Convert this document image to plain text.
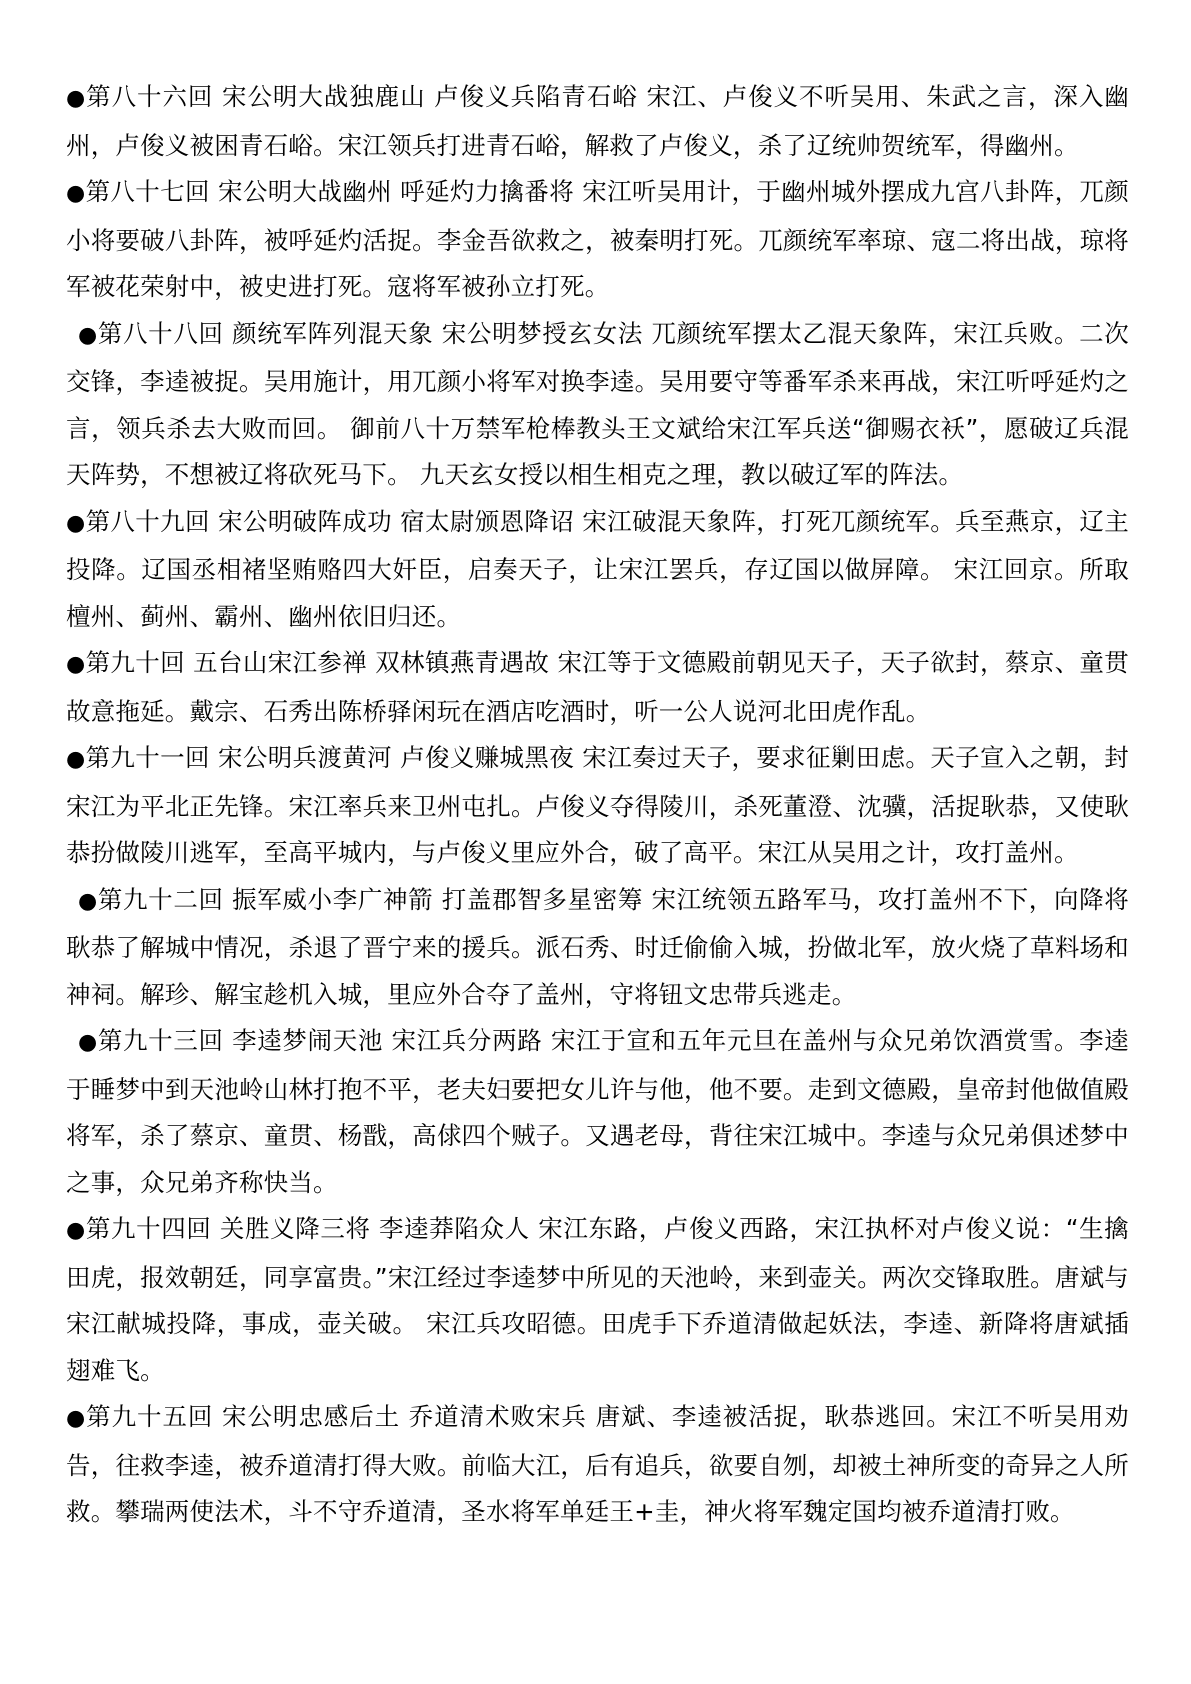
●第八十六回 宋公明大战独鹿山 卢俊义兵陷青石峪 宋江、卢俊义不听吴用、朱武之言，深入幽州，卢俊义被困青石峪。宋江领兵打进青石峪，解救了卢俊义，杀了辽统帅贺统军，得幽州。

●第八十七回 宋公明大战幽州 呼延灼力擒番将 宋江听吴用计，于幽州城外摆成九宫八卦阵，兀颜小将要破八卦阵，被呼延灼活捉。李金吾欲救之，被秦明打死。兀颜统军率琼、寇二将出战，琼将军被花荣射中，被史进打死。寇将军被孙立打死。

●第八十八回 颜统军阵列混天象 宋公明梦授玄女法 兀颜统军摆太乙混天象阵，宋江兵败。二次交锋，李逵被捉。吴用施计，用兀颜小将军对换李逵。吴用要守等番军杀来再战，宋江听呼延灼之言，领兵杀去大败而回。 御前八十万禁军枪棒教头王文斌给宋江军兵送“御赐衣袄”，愿破辽兵混天阵势，不想被辽将砍死马下。 九天玄女授以相生相克之理，教以破辽军的阵法。

●第八十九回 宋公明破阵成功 宿太尉颁恩降诏 宋江破混天象阵，打死兀颜统军。兵至燕京，辽主投降。辽国丞相褚坚贿赂四大奸臣，启奏天子，让宋江罢兵，存辽国以做屏障。 宋江回京。所取檀州、蓟州、霸州、幽州依旧归还。

●第九十回 五台山宋江参禅 双林镇燕青遇故 宋江等于文德殿前朝见天子，天子欲封，蔡京、童贯故意拖延。戴宗、石秀出陈桥驿闲玩在酒店吃酒时，听一公人说河北田虎作乱。

●第九十一回 宋公明兵渡黄河 卢俊义赚城黑夜 宋江奏过天子，要求征剿田虑。天子宣入之朝，封宋江为平北正先锋。宋江率兵来卫州屯扎。卢俊义夺得陵川，杀死董澄、沈骥，活捉耿恭，又使耿恭扮做陵川逃军，至高平城内，与卢俊义里应外合，破了高平。宋江从吴用之计，攻打盖州。

●第九十二回 振军威小李广神箭 打盖郡智多星密筹 宋江统领五路军马，攻打盖州不下，向降将耿恭了解城中情况，杀退了晋宁来的援兵。派石秀、时迁偷偷入城，扮做北军，放火烧了草料场和神祠。解珍、解宝趁机入城，里应外合夺了盖州，守将钮文忠带兵逃走。

●第九十三回 李逵梦闹天池 宋江兵分两路 宋江于宣和五年元旦在盖州与众兄弟饮酒赏雪。李逵于睡梦中到天池岭山林打抱不平，老夫妇要把女儿许与他，他不要。走到文德殿，皇帝封他做值殿将军，杀了蔡京、童贯、杨戬，高俅四个贼子。又遇老母，背往宋江城中。李逵与众兄弟俱述梦中之事，众兄弟齐称快当。

●第九十四回 关胜义降三将 李逵莽陷众人 宋江东路，卢俊义西路，宋江执杯对卢俊义说：“生擒田虎，报效朝廷，同享富贵。”宋江经过李逵梦中所见的天池岭，来到壶关。两次交锋取胜。唐斌与宋江献城投降，事成，壶关破。 宋江兵攻昭德。田虎手下乔道清做起妖法，李逵、新降将唐斌插翅难飞。

●第九十五回 宋公明忠感后土 乔道清术败宋兵 唐斌、李逵被活捉，耿恭逃回。宋江不听吴用劝告，往救李逵，被乔道清打得大败。前临大江，后有追兵，欲要自刎，却被土神所变的奇异之人所救。攀瑞两使法术，斗不守乔道清，圣水将军单廷王+圭，神火将军魏定国均被乔道清打败。
